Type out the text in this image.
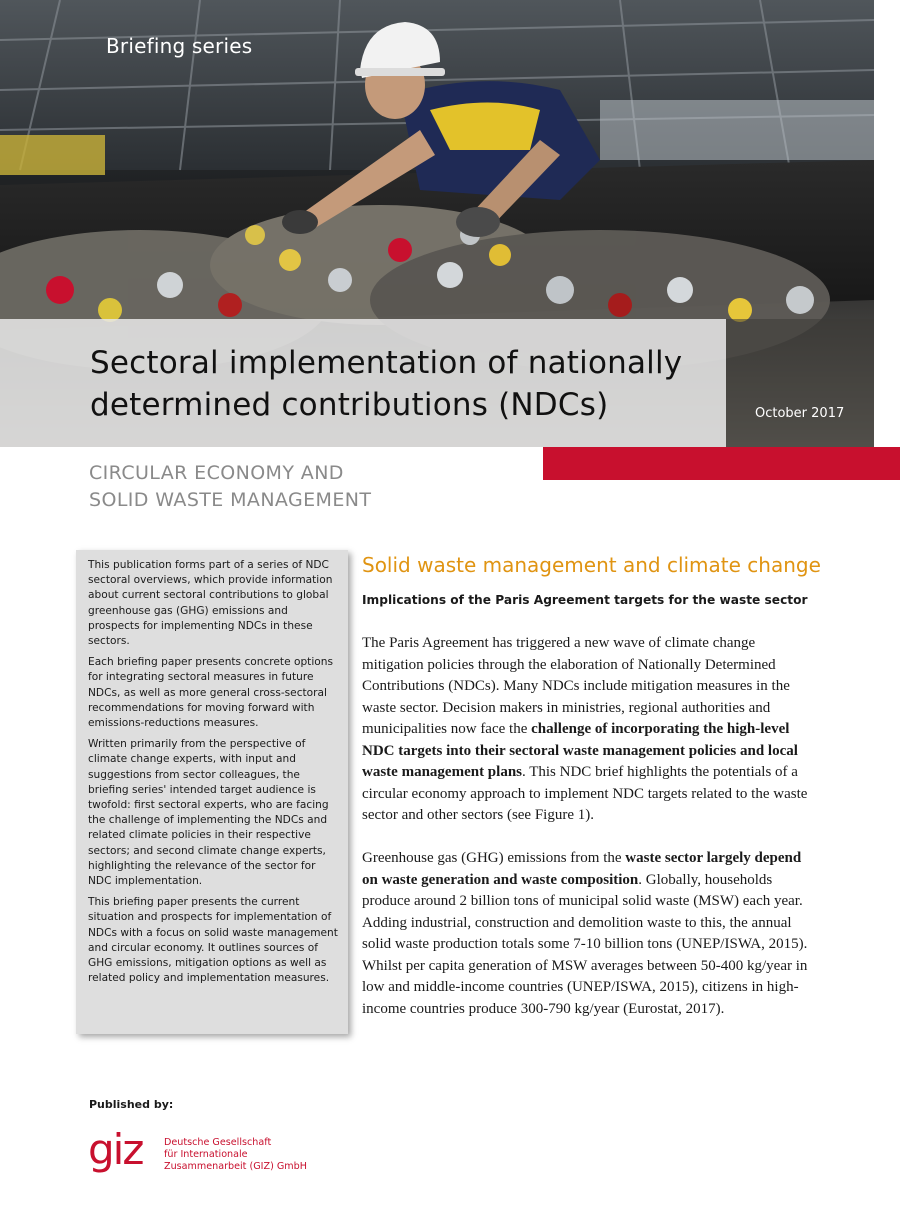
Briefing series
Sectoral implementation of nationally
determined contributions (NDCs)	October 2017
CIRCULAR ECONOMY AND
SOLID WASTE MANAGEMENT

This publication forms part of a series of NDC sectoral overviews, which provide information about current sectoral contributions to global greenhouse gas (GHG) emissions and prospects for implementing NDCs in these sectors.

Each briefing paper presents concrete options for integrating sectoral measures in future NDCs, as well as more general cross-sectoral recommendations for moving forward with emissions-reductions measures.

Written primarily from the perspective of climate change experts, with input and suggestions from sector colleagues, the briefing series' intended target audience is twofold: first sectoral experts, who are facing the challenge of implementing the NDCs and related climate policies in their respective sectors; and second climate change experts, highlighting the relevance of the sector for NDC implementation.

This briefing paper presents the current situation and prospects for implementation of NDCs with a focus on solid waste management and circular economy. It outlines sources of GHG emissions, mitigation options as well as related policy and implementation measures.

Solid waste management and climate change
Implications of the Paris Agreement targets for the waste sector

The Paris Agreement has triggered a new wave of climate change mitigation policies through the elaboration of Nationally Determined Contributions (NDCs). Many NDCs include mitigation measures in the waste sector. Decision makers in ministries, regional authorities and municipalities now face the challenge of incorporating the high-level NDC targets into their sectoral waste management policies and local waste management plans. This NDC brief highlights the potentials of a circular economy approach to implement NDC targets related to the waste sector and other sectors (see Figure 1).

Greenhouse gas (GHG) emissions from the waste sector largely depend on waste generation and waste composition. Globally, households produce around 2 billion tons of municipal solid waste (MSW) each year. Adding industrial, construction and demolition waste to this, the annual solid waste production totals some 7-10 billion tons (UNEP/ISWA, 2015). Whilst per capita generation of MSW averages between 50-400 kg/year in low and middle-income countries (UNEP/ISWA, 2015), citizens in high-income countries produce 300-790 kg/year (Eurostat, 2017).

Published by:
giz Deutsche Gesellschaft
für Internationale
Zusammenarbeit (GIZ) GmbH
